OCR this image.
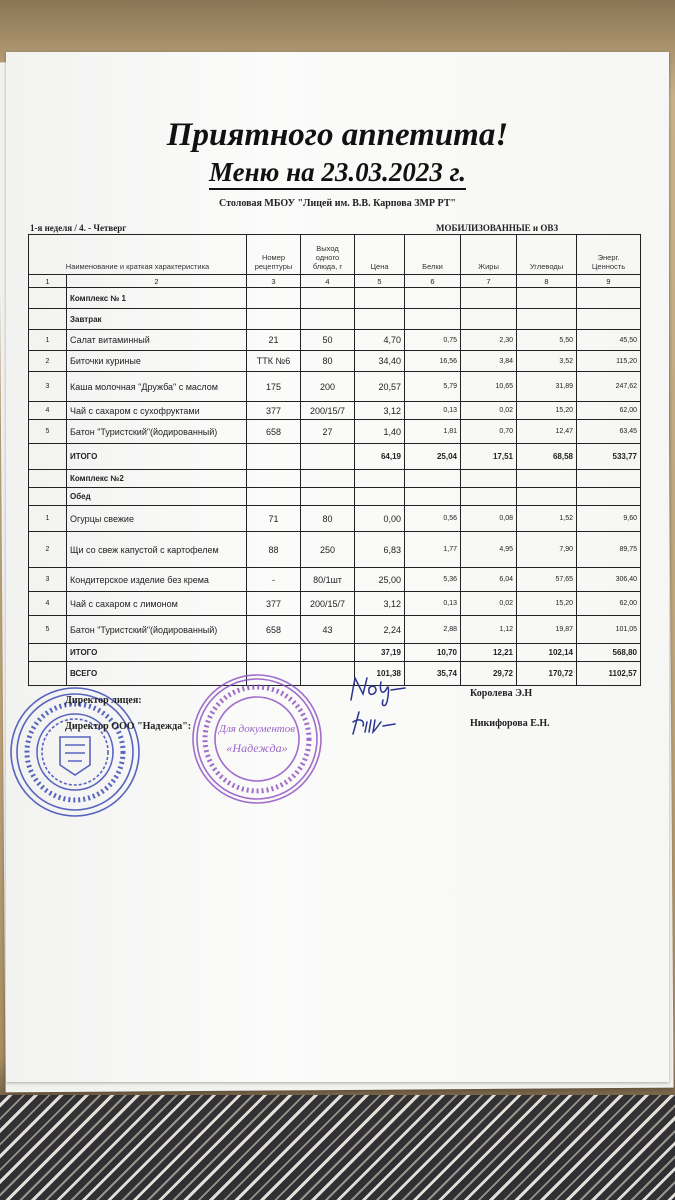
Приятного аппетита!
Меню на 23.03.2023 г.
Столовая МБОУ "Лицей им. В.В. Карпова ЗМР РТ"
1-я неделя / 4. - Четверг	МОБИЛИЗОВАННЫЕ и ОВЗ
Наименование и краткая характеристика		Номер рецептуры	Выход одного блюда, г	Цена	Белки	Жиры	Углеводы	Энерг. Ценность
1	2	3	4	5	6	7	8	9
	Комплекс № 1							
	Завтрак							
1	Салат витаминный	21	50	4,70	0,75	2,30	5,50	45,50
2	Биточки куриные	ТТК №6	80	34,40	16,56	3,84	3,52	115,20
3	Каша молочная "Дружба" с маслом	175	200	20,57	5,79	10,65	31,89	247,62
4	Чай с сахаром с сухофруктами	377	200/15/7	3,12	0,13	0,02	15,20	62,00
5	Батон "Туристский"(йодированный)	658	27	1,40	1,81	0,70	12,47	63,45
	ИТОГО			64,19	25,04	17,51	68,58	533,77
	Комплекс №2							
	Обед							
1	Огурцы свежие	71	80	0,00	0,56	0,08	1,52	9,60
2	Щи со свеж капустой с картофелем	88	250	6,83	1,77	4,95	7,90	89,75
3	Кондитерское изделие без крема	-	80/1шт	25,00	5,36	6,04	57,65	306,40
4	Чай с сахаром с лимоном	377	200/15/7	3,12	0,13	0,02	15,20	62,00
5	Батон "Туристский"(йодированный)	658	43	2,24	2,88	1,12	19,87	101,05
	ИТОГО			37,19	10,70	12,21	102,14	568,80
	ВСЕГО			101,38	35,74	29,72	170,72	1102,57
Для документов
«Надежда»
Директор лицея:
Директор ООО "Надежда":
Королева Э.Н
Никифорова Е.Н.
